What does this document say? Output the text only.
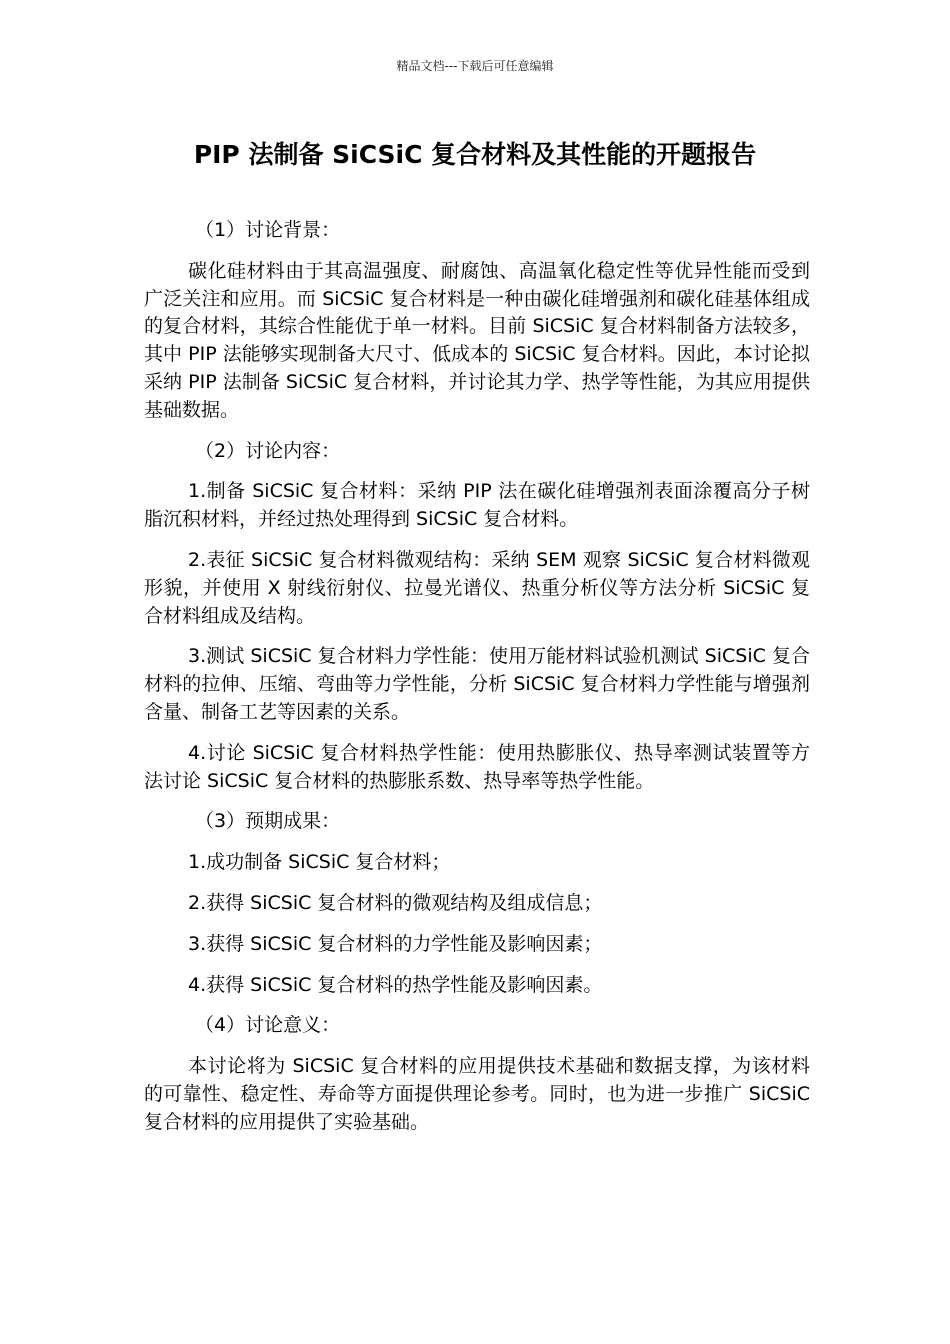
精品文档---下载后可任意编辑
PIP 法制备 SiCSiC 复合材料及其性能的开题报告

（1）讨论背景：

碳化硅材料由于其高温强度、耐腐蚀、高温氧化稳定性等优异性能而受到广泛关注和应用。而 SiCSiC 复合材料是一种由碳化硅增强剂和碳化硅基体组成的复合材料，其综合性能优于单一材料。目前 SiCSiC 复合材料制备方法较多，其中 PIP 法能够实现制备大尺寸、低成本的 SiCSiC 复合材料。因此，本讨论拟采纳 PIP 法制备 SiCSiC 复合材料，并讨论其力学、热学等性能，为其应用提供基础数据。

（2）讨论内容：

1.制备 SiCSiC 复合材料：采纳 PIP 法在碳化硅增强剂表面涂覆高分子树脂沉积材料，并经过热处理得到 SiCSiC 复合材料。

2.表征 SiCSiC 复合材料微观结构：采纳 SEM 观察 SiCSiC 复合材料微观形貌，并使用 X 射线衍射仪、拉曼光谱仪、热重分析仪等方法分析 SiCSiC 复合材料组成及结构。

3.测试 SiCSiC 复合材料力学性能：使用万能材料试验机测试 SiCSiC 复合材料的拉伸、压缩、弯曲等力学性能，分析 SiCSiC 复合材料力学性能与增强剂含量、制备工艺等因素的关系。

4.讨论 SiCSiC 复合材料热学性能：使用热膨胀仪、热导率测试装置等方法讨论 SiCSiC 复合材料的热膨胀系数、热导率等热学性能。

（3）预期成果：

1.成功制备 SiCSiC 复合材料；

2.获得 SiCSiC 复合材料的微观结构及组成信息；

3.获得 SiCSiC 复合材料的力学性能及影响因素；

4.获得 SiCSiC 复合材料的热学性能及影响因素。

（4）讨论意义：

本讨论将为 SiCSiC 复合材料的应用提供技术基础和数据支撑，为该材料的可靠性、稳定性、寿命等方面提供理论参考。同时，也为进一步推广 SiCSiC 复合材料的应用提供了实验基础。
